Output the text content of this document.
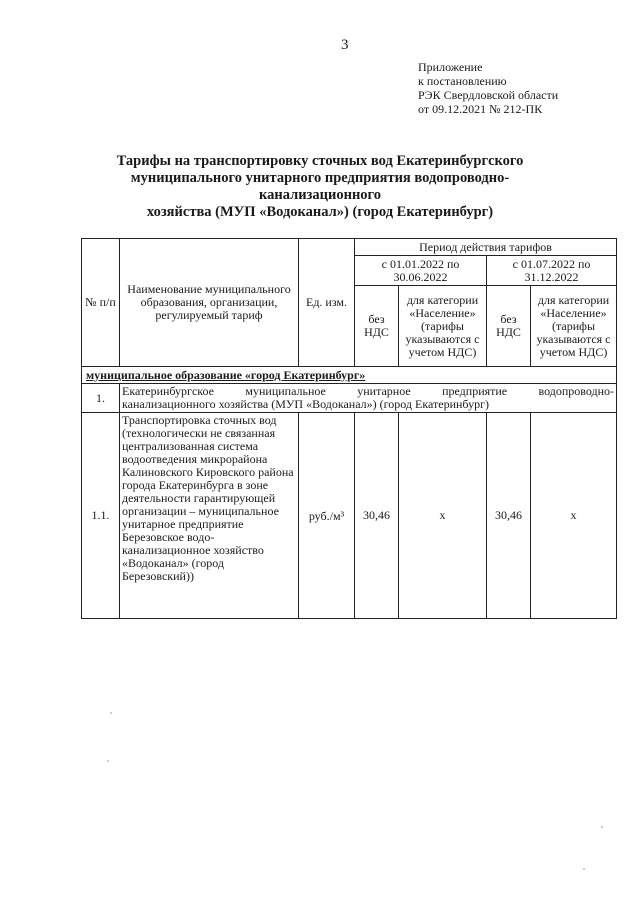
3
Приложение
к постановлению
РЭК Свердловской области
от 09.12.2021 № 212-ПК
Тарифы на транспортировку сточных вод Екатеринбургского
муниципального унитарного предприятия водопроводно-канализационного
хозяйства (МУП «Водоканал») (город Екатеринбург)
№ п/п	Наименование муниципального образования, организации, регулируемый тариф	Ед. изм.	Период действия тарифов			
			с 01.01.2022 по 30.06.2022		с 01.07.2022 по 31.12.2022	
			без НДС	для категории «Население» (тарифы указываются с учетом НДС)	без НДС	для категории «Население» (тарифы указываются с учетом НДС)
муниципальное образование «город Екатеринбург»						
1.	Екатеринбургское муниципальное унитарное предприятие водопроводно-
канализационного хозяйства (МУП «Водоканал») (город Екатеринбург)					

1.1.	Транспортировка сточных вод (технологически не связанная централизованная система водоотведения микрорайона Калиновского Кировского района города Екатеринбурга в зоне деятельности гарантирующей организации – муниципальное унитарное предприятие Березовское водо-канализационное хозяйство «Водоканал» (город Березовский))	руб./м³	30,46	х	30,46	х
